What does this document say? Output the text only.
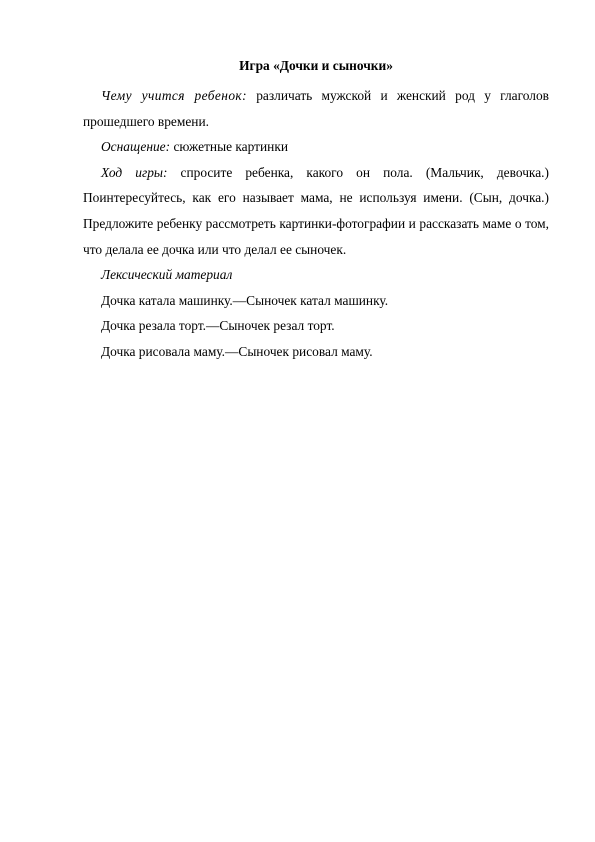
Игра «Дочки и сыночки»

Чему учится ребенок: различать мужской и женский род у глаголов прошедшего времени.

Оснащение: сюжетные картинки

Ход игры: спросите ребенка, какого он пола. (Мальчик, девочка.) Поинтересуйтесь, как его называет мама, не используя имени. (Сын, дочка.) Предложите ребенку рассмотреть картинки-фотографии и рассказать маме о том, что делала ее дочка или что делал ее сыночек.

Лексический материал

Дочка катала машинку.—Сыночек катал машинку.

Дочка резала торт.—Сыночек резал торт.

Дочка рисовала маму.—Сыночек рисовал маму.
